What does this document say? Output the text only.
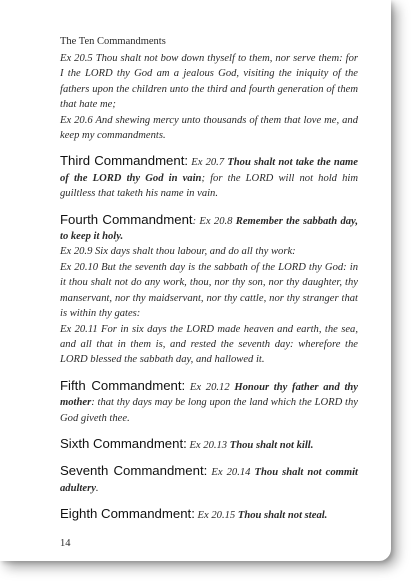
The Ten Commandments

Ex 20.5 Thou shalt not bow down thyself to them, nor serve them: for I the LORD thy God am a jealous God, visiting the iniquity of the fathers upon the children unto the third and fourth generation of them that hate me;

Ex 20.6 And shewing mercy unto thousands of them that love me, and keep my commandments.

Third Commandment: Ex 20.7 Thou shalt not take the name of the LORD thy God in vain; for the LORD will not hold him guiltless that taketh his name in vain.

Fourth Commandment: Ex 20.8 Remember the sabbath day, to keep it holy.

Ex 20.9 Six days shalt thou labour, and do all thy work:

Ex 20.10 But the seventh day is the sabbath of the LORD thy God: in it thou shalt not do any work, thou, nor thy son, nor thy daughter, thy manservant, nor thy maidservant, nor thy cattle, nor thy stranger that is within thy gates:

Ex 20.11 For in six days the LORD made heaven and earth, the sea, and all that in them is, and rested the seventh day: wherefore the LORD blessed the sabbath day, and hallowed it.

Fifth Commandment: Ex 20.12 Honour thy father and thy mother: that thy days may be long upon the land which the LORD thy God giveth thee.

Sixth Commandment: Ex 20.13 Thou shalt not kill.

Seventh Commandment: Ex 20.14 Thou shalt not commit adultery.

Eighth Commandment: Ex 20.15 Thou shalt not steal.

14
